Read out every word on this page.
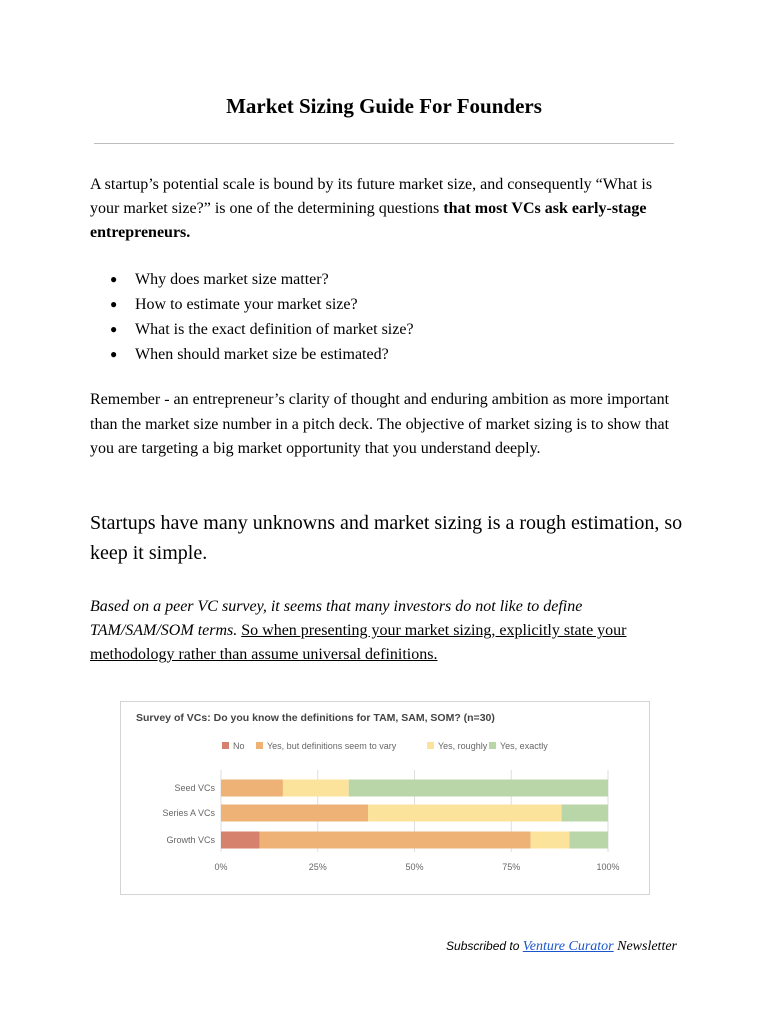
Market Sizing Guide For Founders

A startup’s potential scale is bound by its future market size, and consequently “What is your market size?” is one of the determining questions that most VCs ask early-stage entrepreneurs.

● Why does market size matter?
● How to estimate your market size?
● What is the exact definition of market size?
● When should market size be estimated?

Remember - an entrepreneur’s clarity of thought and enduring ambition as more important than the market size number in a pitch deck. The objective of market sizing is to show that you are targeting a big market opportunity that you understand deeply.

Startups have many unknowns and market sizing is a rough estimation, so keep it simple.

Based on a peer VC survey, it seems that many investors do not like to define TAM/SAM/SOM terms. So when presenting your market sizing, explicitly state your methodology rather than assume universal definitions.

Survey of VCs: Do you know the definitions for TAM, SAM, SOM? (n=30)
0%	25%	50%	75%	100%
No Yes, but definitions seem to vary	Yes, roughly Yes, exactly
Seed VCs
Series A VCs
Growth VCs
Subscribed to Venture Curator Newsletter
